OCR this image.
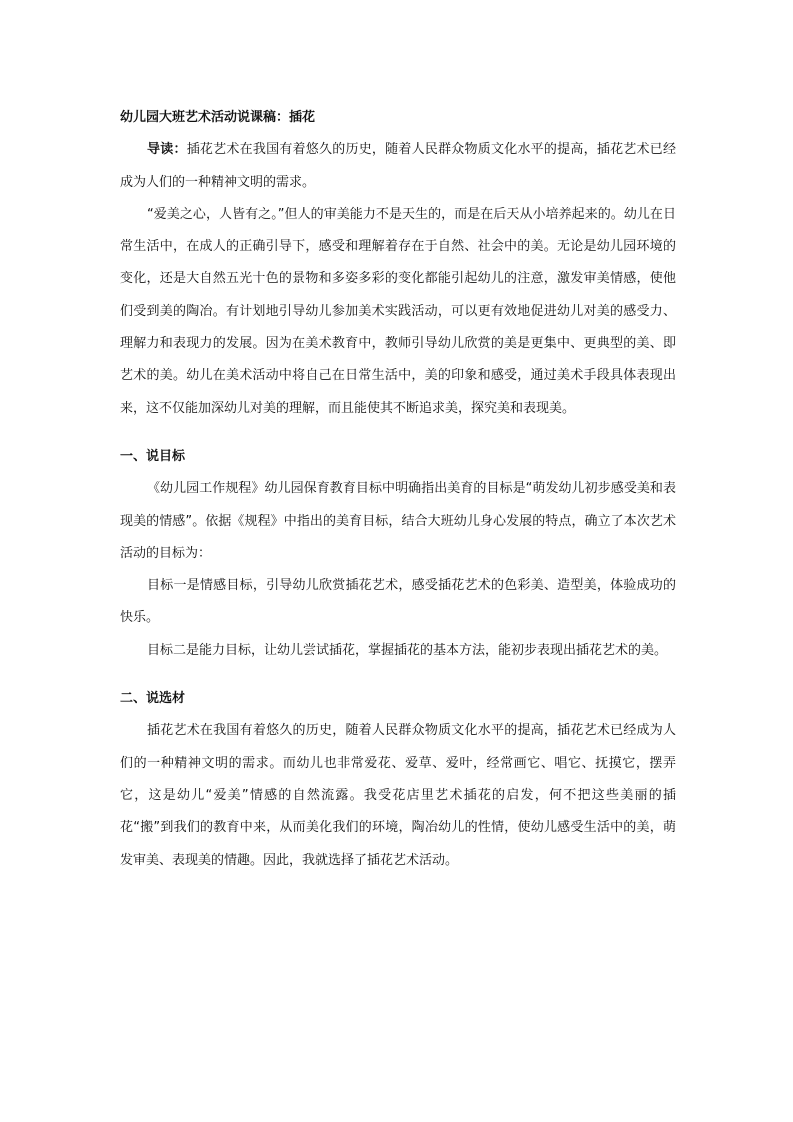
幼儿园大班艺术活动说课稿：插花

导读：插花艺术在我国有着悠久的历史，随着人民群众物质文化水平的提高，插花艺术已经成为人们的一种精神文明的需求。

“爱美之心，人皆有之。”但人的审美能力不是天生的，而是在后天从小培养起来的。幼儿在日常生活中，在成人的正确引导下，感受和理解着存在于自然、社会中的美。无论是幼儿园环境的变化，还是大自然五光十色的景物和多姿多彩的变化都能引起幼儿的注意，激发审美情感，使他们受到美的陶冶。有计划地引导幼儿参加美术实践活动，可以更有效地促进幼儿对美的感受力、理解力和表现力的发展。因为在美术教育中，教师引导幼儿欣赏的美是更集中、更典型的美、即艺术的美。幼儿在美术活动中将自己在日常生活中，美的印象和感受，通过美术手段具体表现出来，这不仅能加深幼儿对美的理解，而且能使其不断追求美，探究美和表现美。

一、说目标

《幼儿园工作规程》幼儿园保育教育目标中明确指出美育的目标是“萌发幼儿初步感受美和表现美的情感”。依据《规程》中指出的美育目标，结合大班幼儿身心发展的特点，确立了本次艺术活动的目标为：

目标一是情感目标，引导幼儿欣赏插花艺术，感受插花艺术的色彩美、造型美，体验成功的快乐。

目标二是能力目标，让幼儿尝试插花，掌握插花的基本方法，能初步表现出插花艺术的美。

二、说选材

插花艺术在我国有着悠久的历史，随着人民群众物质文化水平的提高，插花艺术已经成为人们的一种精神文明的需求。而幼儿也非常爱花、爱草、爱叶，经常画它、唱它、抚摸它，摆弄它，这是幼儿“爱美”情感的自然流露。我受花店里艺术插花的启发，何不把这些美丽的插花“搬”到我们的教育中来，从而美化我们的环境，陶冶幼儿的性情，使幼儿感受生活中的美，萌发审美、表现美的情趣。因此，我就选择了插花艺术活动。
